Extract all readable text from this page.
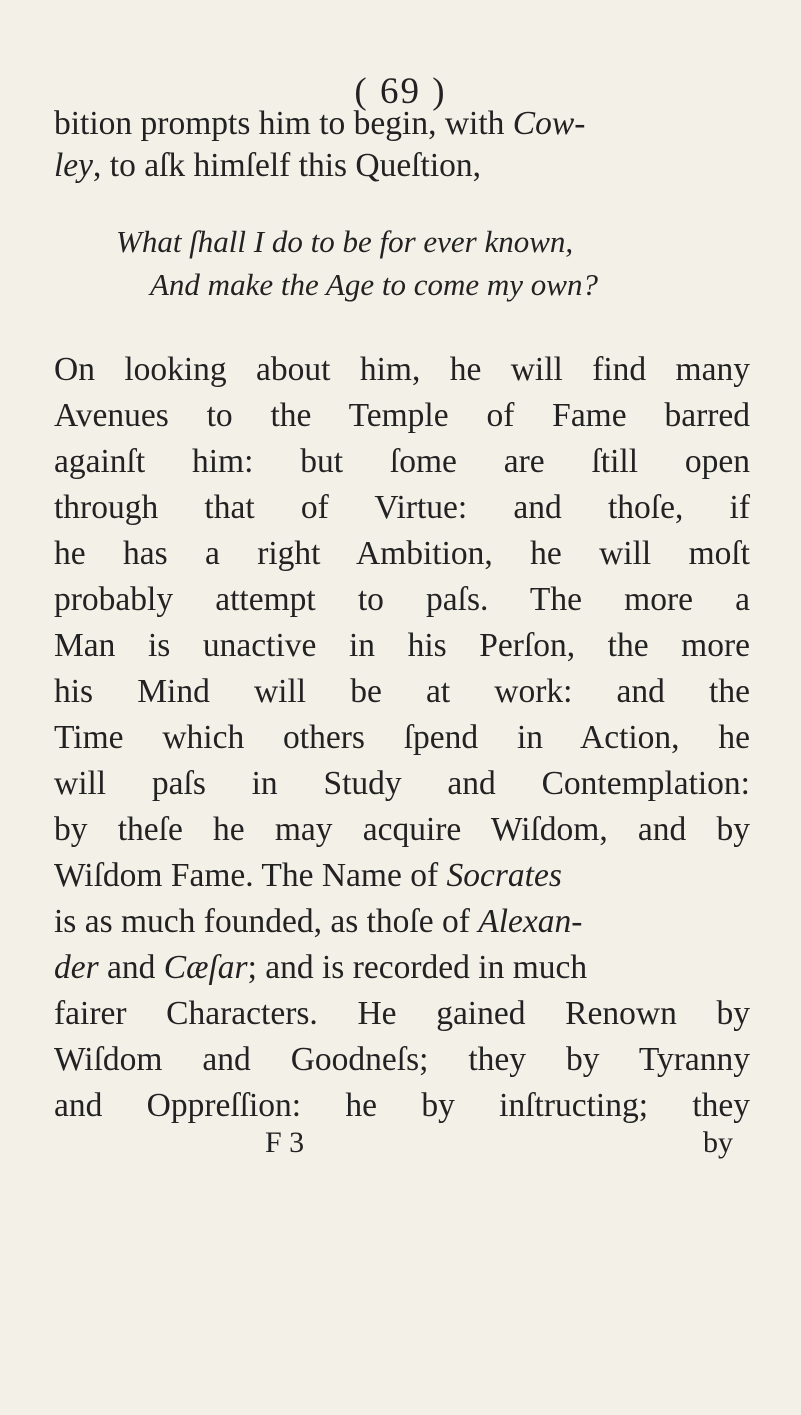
( 69 )
bition prompts him to begin, with Cow-
ley, to aſk himſelf this Queſtion,
What ſhall I do to be for ever known,
And make the Age to come my own?
On looking about him, he will find many
Avenues to the Temple of Fame barred
againſt him: but ſome are ſtill open
through that of Virtue: and thoſe, if
he has a right Ambition, he will moſt
probably attempt to paſs. The more a
Man is unactive in his Perſon, the more
his Mind will be at work: and the
Time which others ſpend in Action, he
will paſs in Study and Contemplation:
by theſe he may acquire Wiſdom, and by
Wiſdom Fame. The Name of Socrates
is as much founded, as thoſe of Alexan-
der and Cæſar; and is recorded in much
fairer Characters. He gained Renown by
Wiſdom and Goodneſs; they by Tyranny
and Oppreſſion: he by inſtructing; they
F 3	by
